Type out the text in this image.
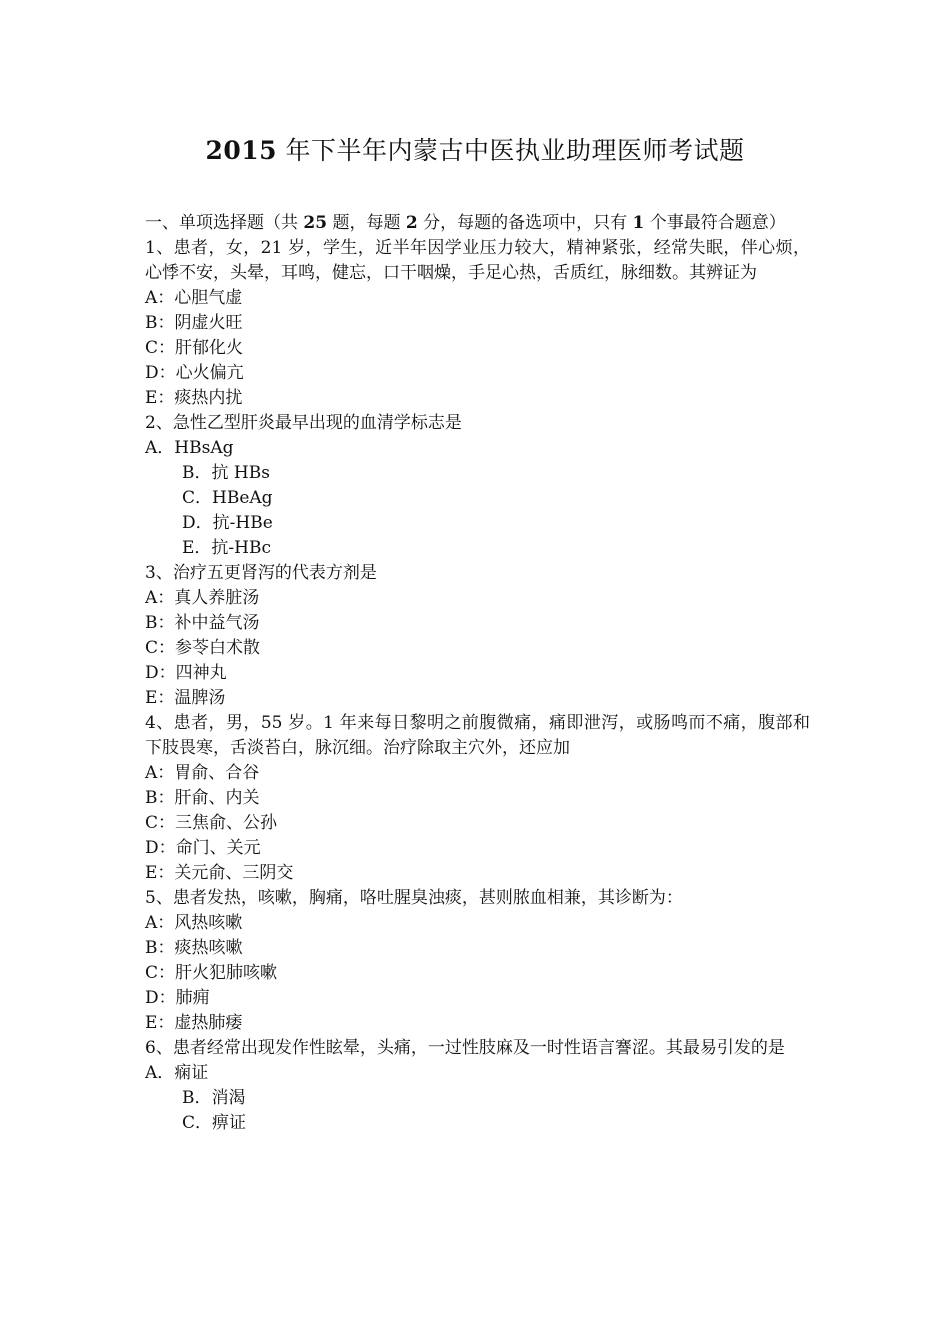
2015 年下半年内蒙古中医执业助理医师考试题
一、单项选择题（共 25 题，每题 2 分，每题的备选项中，只有 1 个事最符合题意）
1、患者，女，21 岁，学生，近半年因学业压力较大，精神紧张，经常失眠，伴心烦，心悸不安，头晕，耳鸣，健忘，口干咽燥，手足心热，舌质红，脉细数。其辨证为
A：心胆气虚
B：阴虚火旺
C：肝郁化火
D：心火偏亢
E：痰热内扰
2、急性乙型肝炎最早出现的血清学标志是
A．HBsAg
B．抗 HBs
C．HBeAg
D．抗-HBe
E．抗-HBc
3、治疗五更肾泻的代表方剂是
A：真人养脏汤
B：补中益气汤
C：参苓白术散
D：四神丸
E：温脾汤
4、患者，男，55 岁。1 年来每日黎明之前腹微痛，痛即泄泻，或肠鸣而不痛，腹部和下肢畏寒，舌淡苔白，脉沉细。治疗除取主穴外，还应加
A：胃俞、合谷
B：肝俞、内关
C：三焦俞、公孙
D：命门、关元
E：关元俞、三阴交
5、患者发热，咳嗽，胸痛，咯吐腥臭浊痰，甚则脓血相兼，其诊断为：
A：风热咳嗽
B：痰热咳嗽
C：肝火犯肺咳嗽
D：肺痈
E：虚热肺痿
6、患者经常出现发作性眩晕，头痛，一过性肢麻及一时性语言謇涩。其最易引发的是
A．痫证
B．消渴
C．痹证
